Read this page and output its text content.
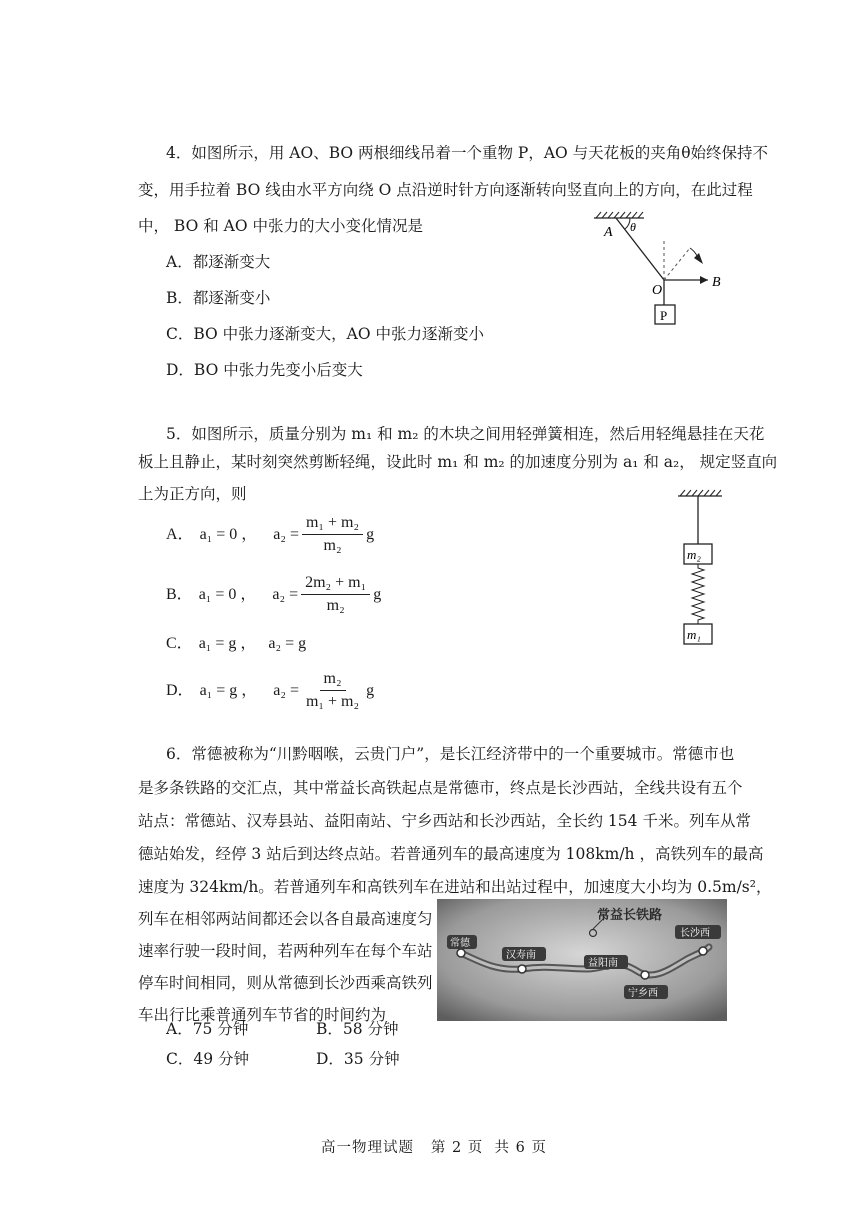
4．如图所示，用 AO、BO 两根细线吊着一个重物 P，AO 与天花板的夹角θ始终保持不
变，用手拉着 BO 线由水平方向绕 O 点沿逆时针方向逐渐转向竖直向上的方向，在此过程
中， BO 和 AO 中张力的大小变化情况是
A．都逐渐变大
B．都逐渐变小
C．BO 中张力逐渐变大，AO 中张力逐渐变小
D．BO 中张力先变小后变大
A θ
B
O
P
5．如图所示，质量分别为 m₁ 和 m₂ 的木块之间用轻弹簧相连，然后用轻绳悬挂在天花
板上且静止，某时刻突然剪断轻绳，设此时 m₁ 和 m₂ 的加速度分别为 a₁ 和 a₂， 规定竖直向
上为正方向，则
A． a₁ = 0 ， $a_2 = \frac{\text{m₁ + m₂}}{\text{m₂}}$ g
B． a₁ = 0 ， $a_2 = \frac{\text{2m₂ + m₁}}{\text{m₂}}$ g
C． a₁ = g ，   a₂ = g
D． a₁ = g ， $a_2 = \frac{\text{m₂}}{\text{m₁ + m₂}}$ g
m₂
m₁
6．常德被称为“川黔咽喉，云贵门户”，是长江经济带中的一个重要城市。常德市也
是多条铁路的交汇点，其中常益长高铁起点是常德市，终点是长沙西站，全线共设有五个
站点：常德站、汉寿县站、益阳南站、宁乡西站和长沙西站，全长约 154 千米。列车从常
德站始发，经停 3 站后到达终点站。若普通列车的最高速度为 108km/h ，高铁列车的最高
速度为 324km/h。若普通列车和高铁列车在进站和出站过程中，加速度大小均为 0.5m/s²，
列车在相邻两站间都还会以各自最高速度匀
速率行驶一段时间，若两种列车在每个车站
停车时间相同，则从常德到长沙西乘高铁列
车出行比乘普通列车节省的时间约为
A．75 分钟	B．58 分钟
C．49 分钟	D．35 分钟
常益长铁路
常德
汉寿南
益阳南
宁乡西
长沙西
高一物理试题   第 2 页  共 6 页
